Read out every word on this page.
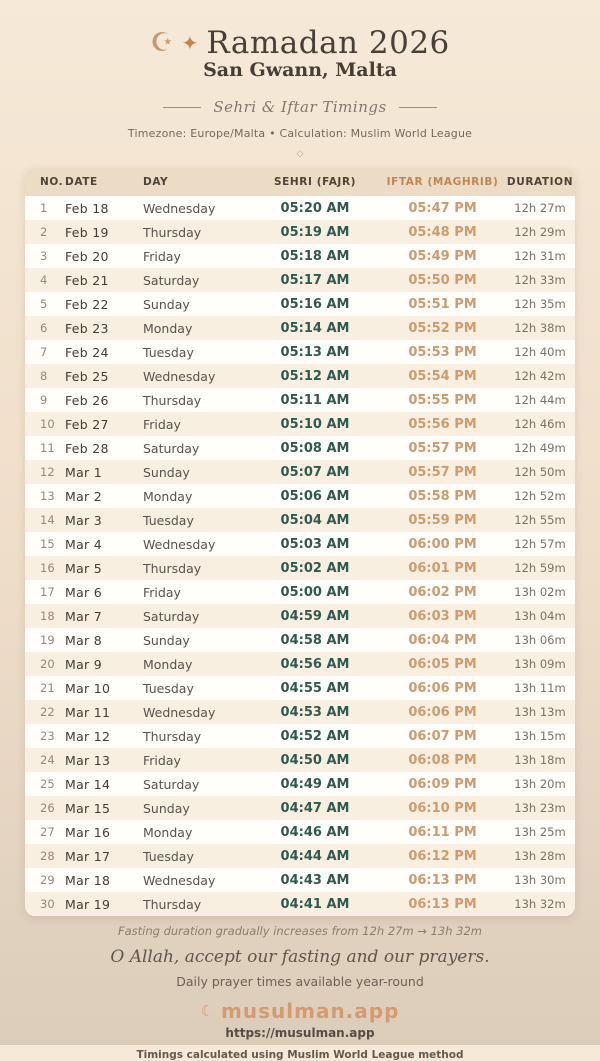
☪ ✦ Ramadan 2026
San Gwann, Malta
Sehri & Iftar Timings
Timezone: Europe/Malta • Calculation: Muslim World League
◇
NO.	DATE	DAY	SEHRI (FAJR)	IFTAR (MAGHRIB)	DURATION
1	Feb 18	Wednesday	05:20 AM	05:47 PM	12h 27m
2	Feb 19	Thursday	05:19 AM	05:48 PM	12h 29m
3	Feb 20	Friday	05:18 AM	05:49 PM	12h 31m
4	Feb 21	Saturday	05:17 AM	05:50 PM	12h 33m
5	Feb 22	Sunday	05:16 AM	05:51 PM	12h 35m
6	Feb 23	Monday	05:14 AM	05:52 PM	12h 38m
7	Feb 24	Tuesday	05:13 AM	05:53 PM	12h 40m
8	Feb 25	Wednesday	05:12 AM	05:54 PM	12h 42m
9	Feb 26	Thursday	05:11 AM	05:55 PM	12h 44m
10	Feb 27	Friday	05:10 AM	05:56 PM	12h 46m
11	Feb 28	Saturday	05:08 AM	05:57 PM	12h 49m
12	Mar 1	Sunday	05:07 AM	05:57 PM	12h 50m
13	Mar 2	Monday	05:06 AM	05:58 PM	12h 52m
14	Mar 3	Tuesday	05:04 AM	05:59 PM	12h 55m
15	Mar 4	Wednesday	05:03 AM	06:00 PM	12h 57m
16	Mar 5	Thursday	05:02 AM	06:01 PM	12h 59m
17	Mar 6	Friday	05:00 AM	06:02 PM	13h 02m
18	Mar 7	Saturday	04:59 AM	06:03 PM	13h 04m
19	Mar 8	Sunday	04:58 AM	06:04 PM	13h 06m
20	Mar 9	Monday	04:56 AM	06:05 PM	13h 09m
21	Mar 10	Tuesday	04:55 AM	06:06 PM	13h 11m
22	Mar 11	Wednesday	04:53 AM	06:06 PM	13h 13m
23	Mar 12	Thursday	04:52 AM	06:07 PM	13h 15m
24	Mar 13	Friday	04:50 AM	06:08 PM	13h 18m
25	Mar 14	Saturday	04:49 AM	06:09 PM	13h 20m
26	Mar 15	Sunday	04:47 AM	06:10 PM	13h 23m
27	Mar 16	Monday	04:46 AM	06:11 PM	13h 25m
28	Mar 17	Tuesday	04:44 AM	06:12 PM	13h 28m
29	Mar 18	Wednesday	04:43 AM	06:13 PM	13h 30m
30	Mar 19	Thursday	04:41 AM	06:13 PM	13h 32m
Fasting duration gradually increases from 12h 27m → 13h 32m
O Allah, accept our fasting and our prayers.
Daily prayer times available year-round
☾ musulman.app
https://musulman.app
Timings calculated using Muslim World League method
